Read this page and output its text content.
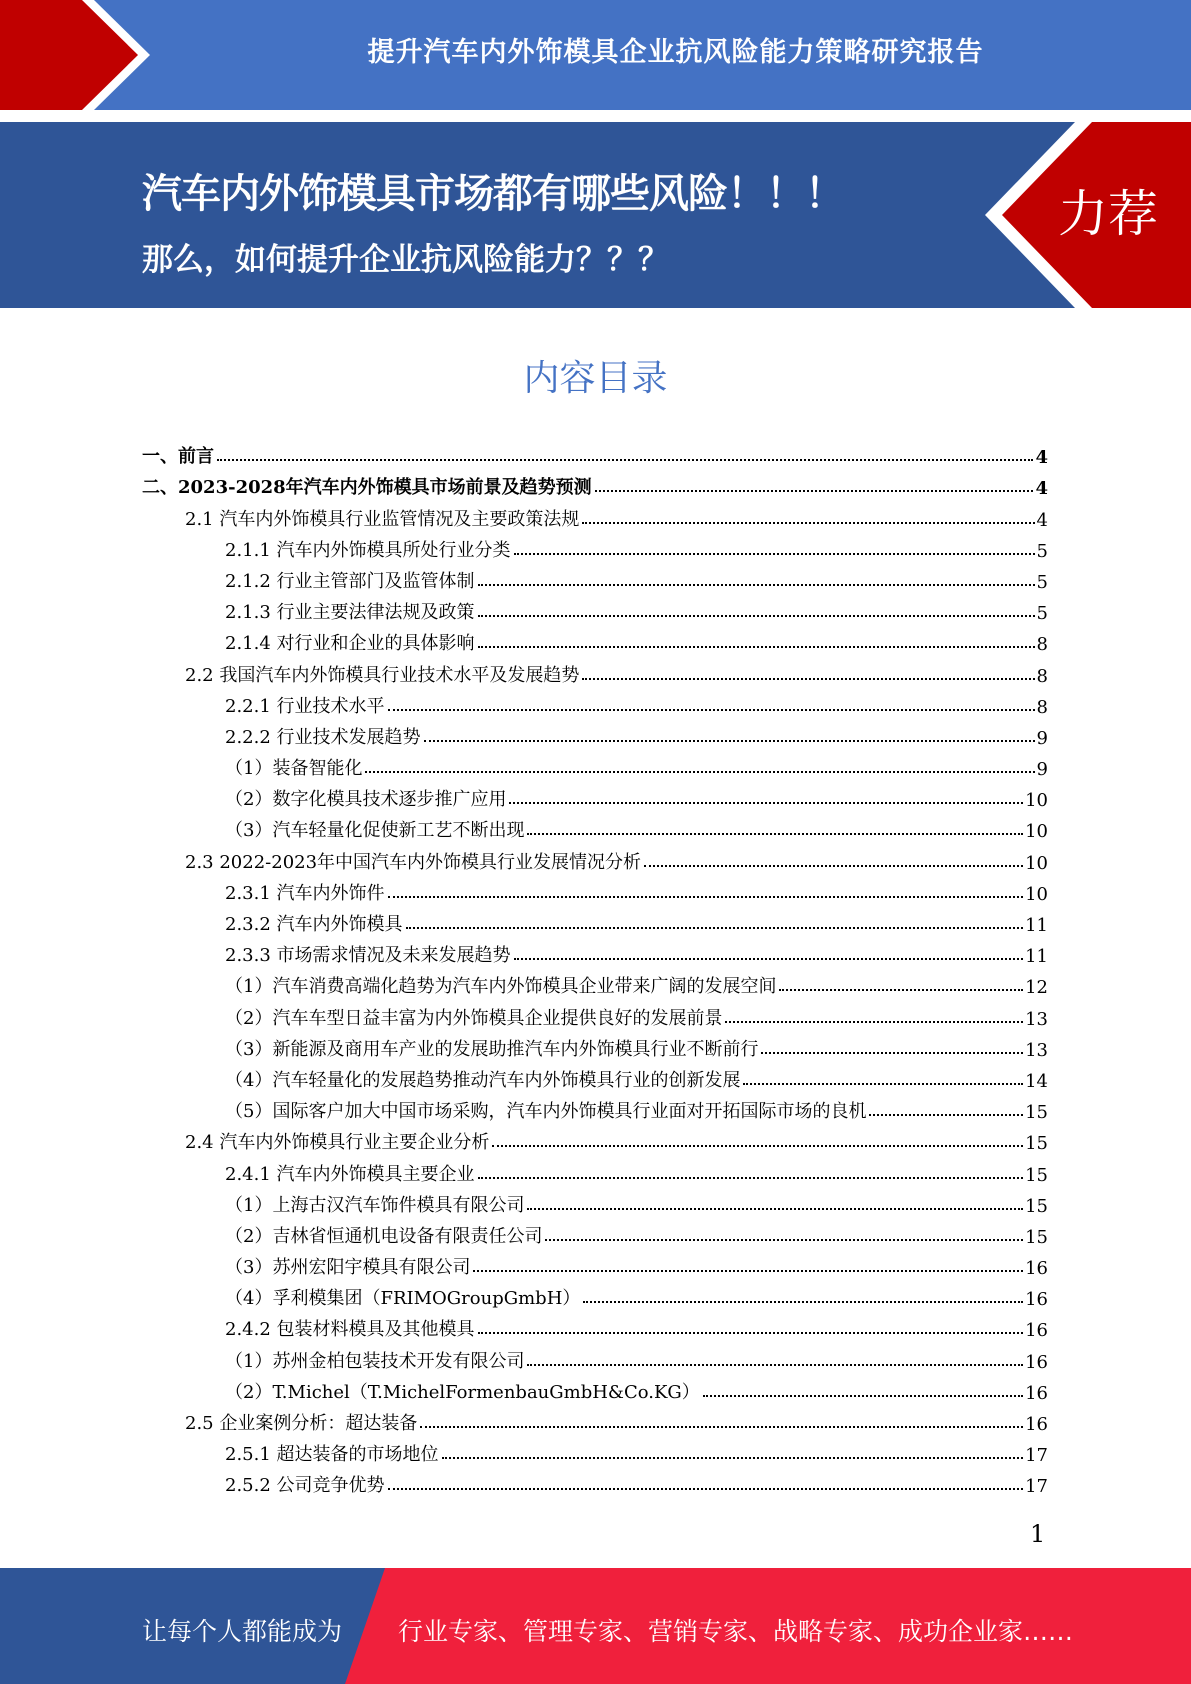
提升汽车内外饰模具企业抗风险能力策略研究报告
汽车内外饰模具市场都有哪些风险！！！
那么，如何提升企业抗风险能力？？？
力荐
内容目录
一、前言	4
二、2023-2028年汽车内外饰模具市场前景及趋势预测	4
2.1 汽车内外饰模具行业监管情况及主要政策法规	4
2.1.1 汽车内外饰模具所处行业分类	5
2.1.2 行业主管部门及监管体制	5
2.1.3 行业主要法律法规及政策	5
2.1.4 对行业和企业的具体影响	8
2.2 我国汽车内外饰模具行业技术水平及发展趋势	8
2.2.1 行业技术水平	8
2.2.2 行业技术发展趋势	9
（1）装备智能化	9
（2）数字化模具技术逐步推广应用	10
（3）汽车轻量化促使新工艺不断出现	10
2.3 2022-2023年中国汽车内外饰模具行业发展情况分析	10
2.3.1 汽车内外饰件	10
2.3.2 汽车内外饰模具	11
2.3.3 市场需求情况及未来发展趋势	11
（1）汽车消费高端化趋势为汽车内外饰模具企业带来广阔的发展空间	12
（2）汽车车型日益丰富为内外饰模具企业提供良好的发展前景	13
（3）新能源及商用车产业的发展助推汽车内外饰模具行业不断前行	13
（4）汽车轻量化的发展趋势推动汽车内外饰模具行业的创新发展	14
（5）国际客户加大中国市场采购，汽车内外饰模具行业面对开拓国际市场的良机	15
2.4 汽车内外饰模具行业主要企业分析	15
2.4.1 汽车内外饰模具主要企业	15
（1）上海古汉汽车饰件模具有限公司	15
（2）吉林省恒通机电设备有限责任公司	15
（3）苏州宏阳宇模具有限公司	16
（4）孚利模集团（FRIMOGroupGmbH）	16
2.4.2 包装材料模具及其他模具	16
（1）苏州金柏包装技术开发有限公司	16
（2）T.Michel（T.MichelFormenbauGmbH&Co.KG）	16
2.5 企业案例分析：超达装备	16
2.5.1 超达装备的市场地位	17
2.5.2 公司竞争优势	17
1
让每个人都能成为 行业专家、管理专家、营销专家、战略专家、成功企业家……
